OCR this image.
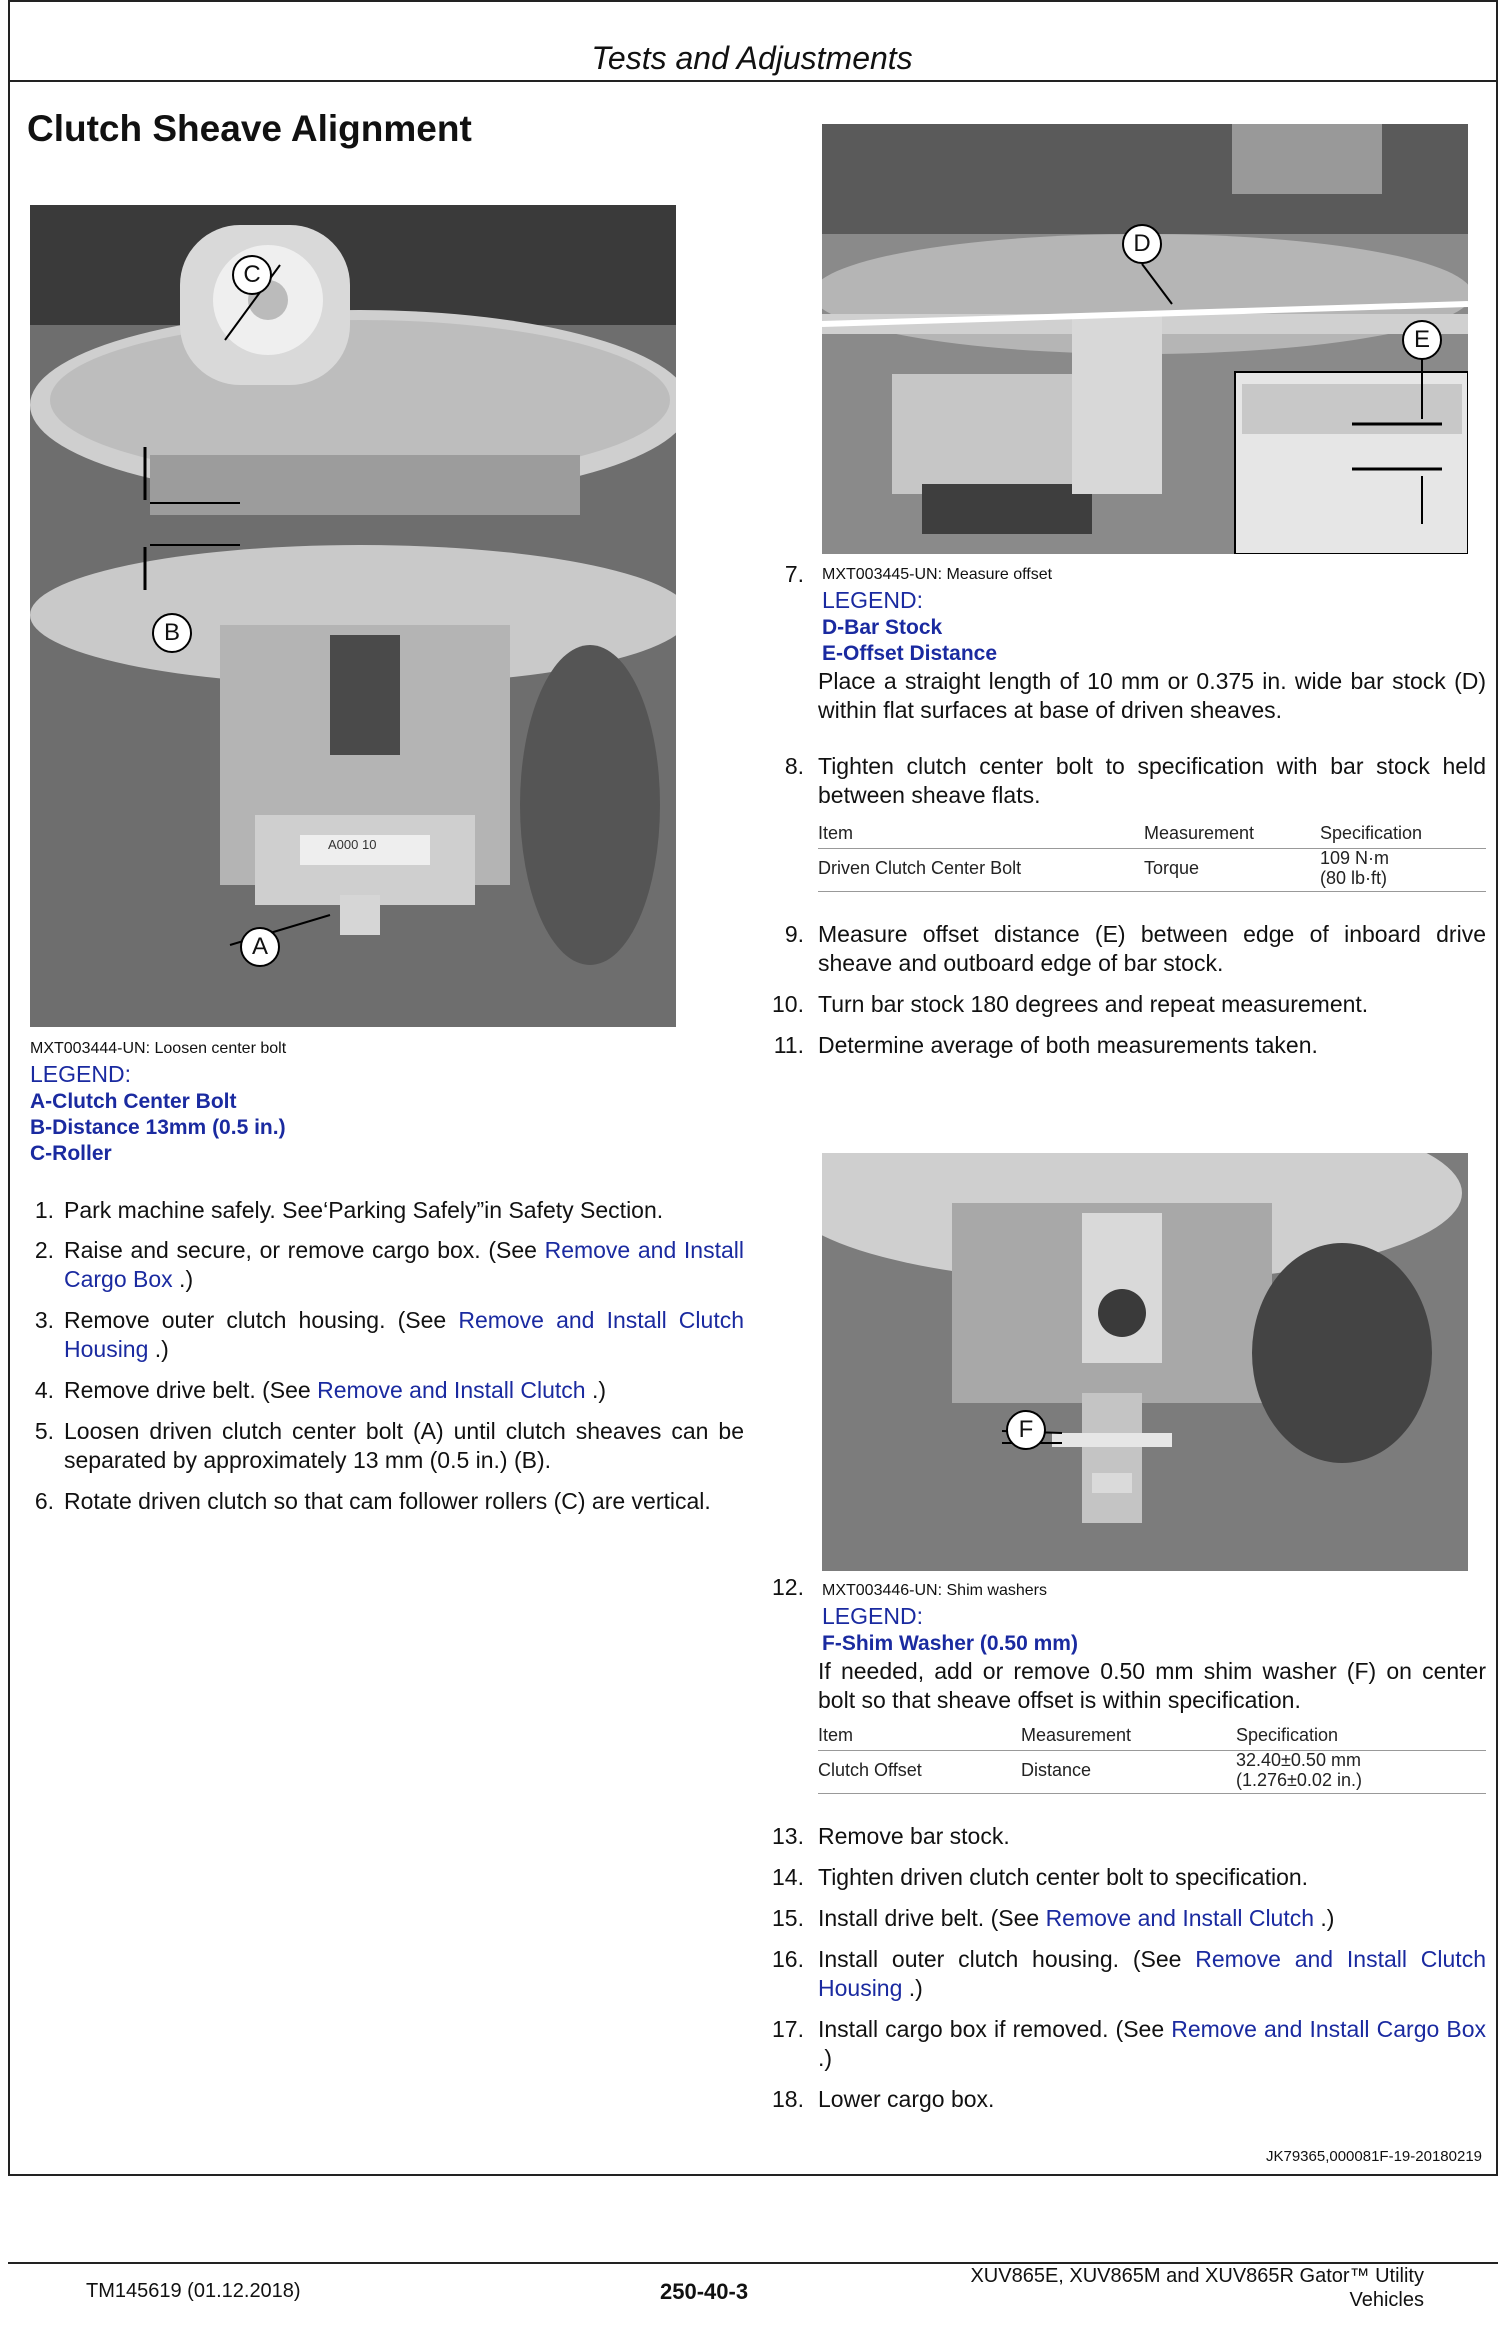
Tests and Adjustments
Clutch Sheave Alignment
C
B
A
A000 10
MXT003444-UN: Loosen center bolt
LEGEND:
A-Clutch Center Bolt
B-Distance 13mm (0.5 in.)
C-Roller
1. Park machine safely. See‘Parking Safely”in Safety Section.
2. Raise and secure, or remove cargo box. (See Remove and Install Cargo Box .)
3. Remove outer clutch housing. (See Remove and Install Clutch Housing .)
4. Remove drive belt. (See Remove and Install Clutch .)
5. Loosen driven clutch center bolt (A) until clutch sheaves can be separated by approximately 13 mm (0.5 in.) (B).
6. Rotate driven clutch so that cam follower rollers (C) are vertical.
D
E
7. MXT003445-UN: Measure offset
LEGEND:
D-Bar Stock
E-Offset Distance
Place a straight length of 10 mm or 0.375 in. wide bar stock (D) within flat surfaces at base of driven sheaves.
8. Tighten clutch center bolt to specification with bar stock held between sheave flats.
Item	Measurement	Specification
Driven Clutch Center Bolt	Torque	109 N·m
(80 lb·ft)
9. Measure offset distance (E) between edge of inboard drive sheave and outboard edge of bar stock.
10. Turn bar stock 180 degrees and repeat measurement.
11. Determine average of both measurements taken.
F
12. MXT003446-UN: Shim washers
LEGEND:
F-Shim Washer (0.50 mm)
If needed, add or remove 0.50 mm shim washer (F) on center bolt so that sheave offset is within specification.
Item	Measurement	Specification
Clutch Offset	Distance	32.40±0.50 mm
(1.276±0.02 in.)
13. Remove bar stock.
14. Tighten driven clutch center bolt to specification.
15. Install drive belt. (See Remove and Install Clutch .)
16. Install outer clutch housing. (See Remove and Install Clutch Housing .)
17. Install cargo box if removed. (See Remove and Install Cargo Box .)
18. Lower cargo box.
JK79365,000081F-19-20180219
TM145619 (01.12.2018)	250-40-3
XUV865E, XUV865M and XUV865R Gator™ Utility
Vehicles
